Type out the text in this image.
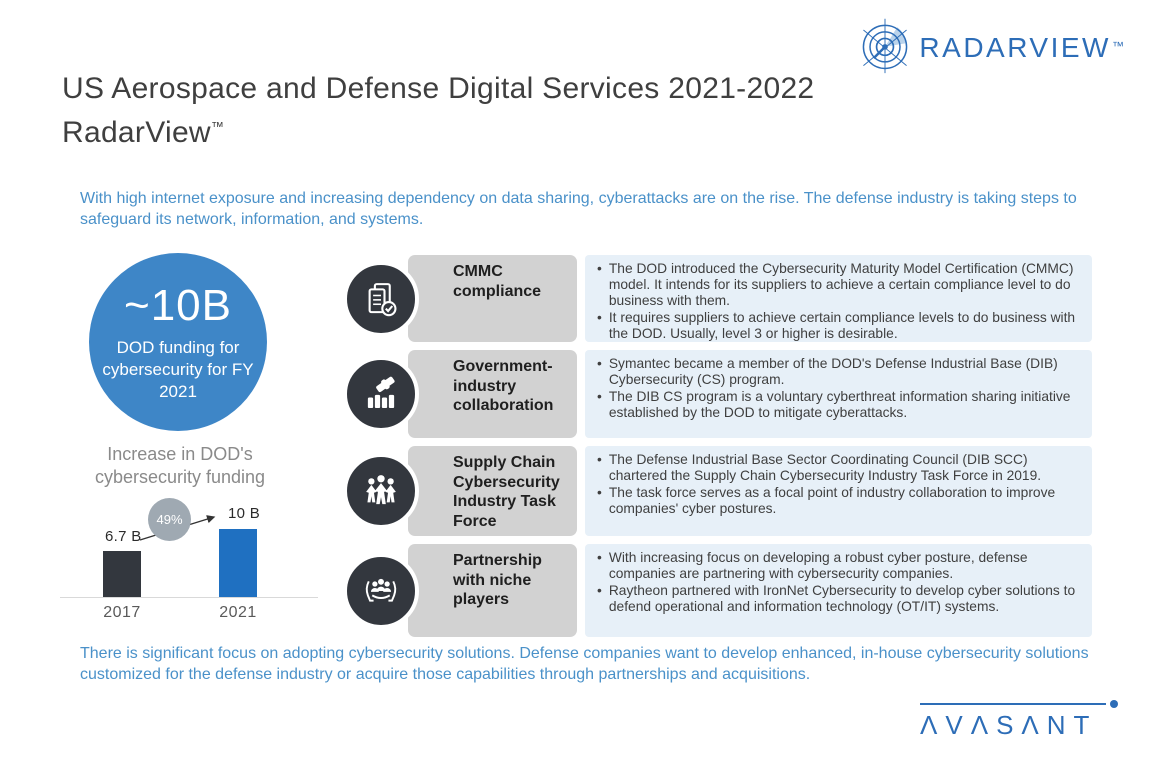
RADARVIEW ™
US Aerospace and Defense Digital Services 2021-2022
RadarView™
With high internet exposure and increasing dependency on data sharing, cyberattacks are on the rise. The defense industry is taking steps to safeguard its network, information, and systems.
~10B
DOD funding for cybersecurity for FY 2021
Increase in DOD's cybersecurity funding
49%
6.7 B
10 B
2017	2021
CMMC compliance
• The DOD introduced the Cybersecurity Maturity Model Certification (CMMC) model. It intends for its suppliers to achieve a certain compliance level to do business with them.
• It requires suppliers to achieve certain compliance levels to do business with the DOD. Usually, level 3 or higher is desirable.
Government-industry collaboration
• Symantec became a member of the DOD's Defense Industrial Base (DIB) Cybersecurity (CS) program.
• The DIB CS program is a voluntary cyberthreat information sharing initiative established by the DOD to mitigate cyberattacks.
Supply Chain Cybersecurity Industry Task Force
• The Defense Industrial Base Sector Coordinating Council (DIB SCC) chartered the Supply Chain Cybersecurity Industry Task Force in 2019.
• The task force serves as a focal point of industry collaboration to improve companies' cyber postures.
Partnership with niche players
• With increasing focus on developing a robust cyber posture, defense companies are partnering with cybersecurity companies.
• Raytheon partnered with IronNet Cybersecurity to develop cyber solutions to defend operational and information technology (OT/IT) systems.
There is significant focus on adopting cybersecurity solutions. Defense companies want to develop enhanced, in-house cybersecurity solutions customized for the defense industry or acquire those capabilities through partnerships and acquisitions.
ΛVΛSΛNT
